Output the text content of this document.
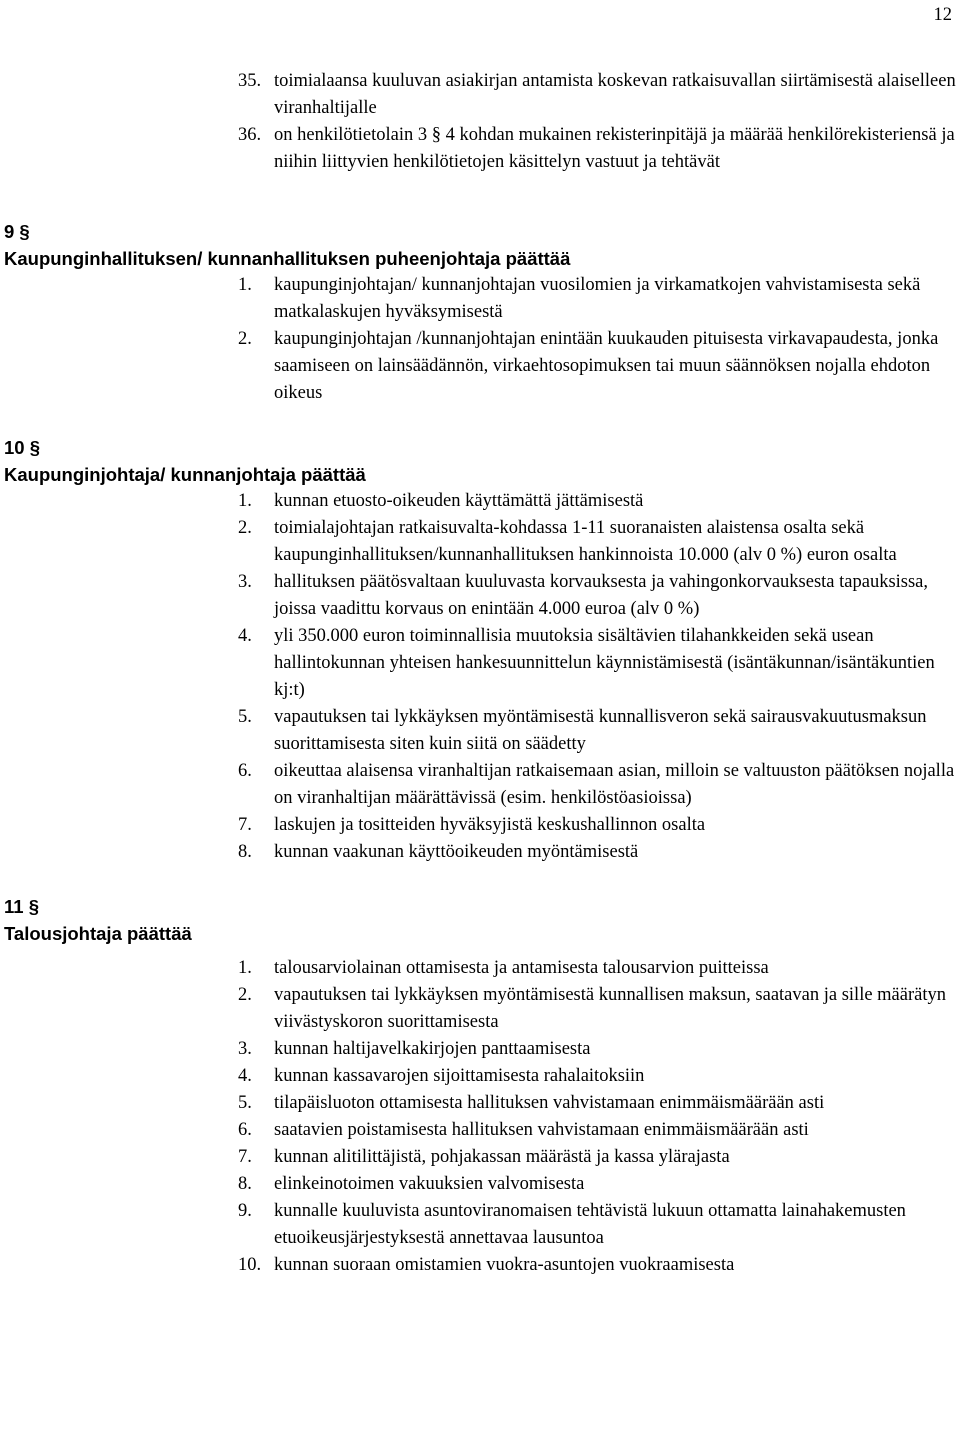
12
35. toimialaansa kuuluvan asiakirjan antamista koskevan ratkaisuvallan siirtämisestä alaiselleen viranhaltijalle
36. on henkilötietolain 3 § 4 kohdan mukainen rekisterinpitäjä ja määrää henkilörekisteriensä ja niihin liittyvien henkilötietojen käsittelyn vastuut ja tehtävät
9 §
Kaupunginhallituksen/ kunnanhallituksen puheenjohtaja päättää
1.	kaupunginjohtajan/ kunnanjohtajan vuosilomien ja virkamatkojen vahvistamisesta sekä matkalaskujen hyväksymisestä
2.	kaupunginjohtajan /kunnanjohtajan enintään kuukauden pituisesta virkavapaudesta, jonka saamiseen on lainsäädännön, virkaehtosopimuksen tai muun säännöksen nojalla ehdoton oikeus
10 §
Kaupunginjohtaja/ kunnanjohtaja päättää
1.	kunnan etuosto-oikeuden käyttämättä jättämisestä
2.	toimialajohtajan ratkaisuvalta-kohdassa 1-11 suoranaisten alaistensa osalta sekä kaupunginhallituksen/kunnanhallituksen hankinnoista 10.000 (alv 0 %) euron osalta
3.	hallituksen päätösvaltaan kuuluvasta korvauksesta ja vahingonkorvauksesta tapauksissa, joissa vaadittu korvaus on enintään 4.000 euroa (alv 0 %)
4.	yli 350.000 euron toiminnallisia muutoksia sisältävien tilahankkeiden sekä usean hallintokunnan yhteisen hankesuunnittelun käynnistämisestä (isäntäkunnan/isäntäkuntien kj:t)
5.	vapautuksen tai lykkäyksen myöntämisestä kunnallisveron sekä sairausvakuutusmaksun suorittamisesta siten kuin siitä on säädetty
6.	oikeuttaa alaisensa viranhaltijan ratkaisemaan asian, milloin se valtuuston päätöksen nojalla on viranhaltijan määrättävissä (esim. henkilöstöasioissa)
7.	laskujen ja tositteiden hyväksyjistä keskushallinnon osalta
8.	kunnan vaakunan käyttöoikeuden myöntämisestä
11 §
Talousjohtaja päättää
1.	talousarviolainan ottamisesta ja antamisesta talousarvion puitteissa
2.	vapautuksen tai lykkäyksen myöntämisestä kunnallisen maksun, saatavan ja sille määrätyn viivästyskoron suorittamisesta
3.	kunnan haltijavelkakirjojen panttaamisesta
4.	kunnan kassavarojen sijoittamisesta rahalaitoksiin
5.	tilapäisluoton ottamisesta hallituksen vahvistamaan enimmäismäärään asti
6.	saatavien poistamisesta hallituksen vahvistamaan enimmäismäärään asti
7.	kunnan alitilittäjistä, pohjakassan määrästä ja kassa ylärajasta
8.	elinkeinotoimen vakuuksien valvomisesta
9.	kunnalle kuuluvista asuntoviranomaisen tehtävistä lukuun ottamatta lainahakemusten etuoikeusjärjestyksestä annettavaa lausuntoa
10. kunnan suoraan omistamien vuokra-asuntojen vuokraamisesta
